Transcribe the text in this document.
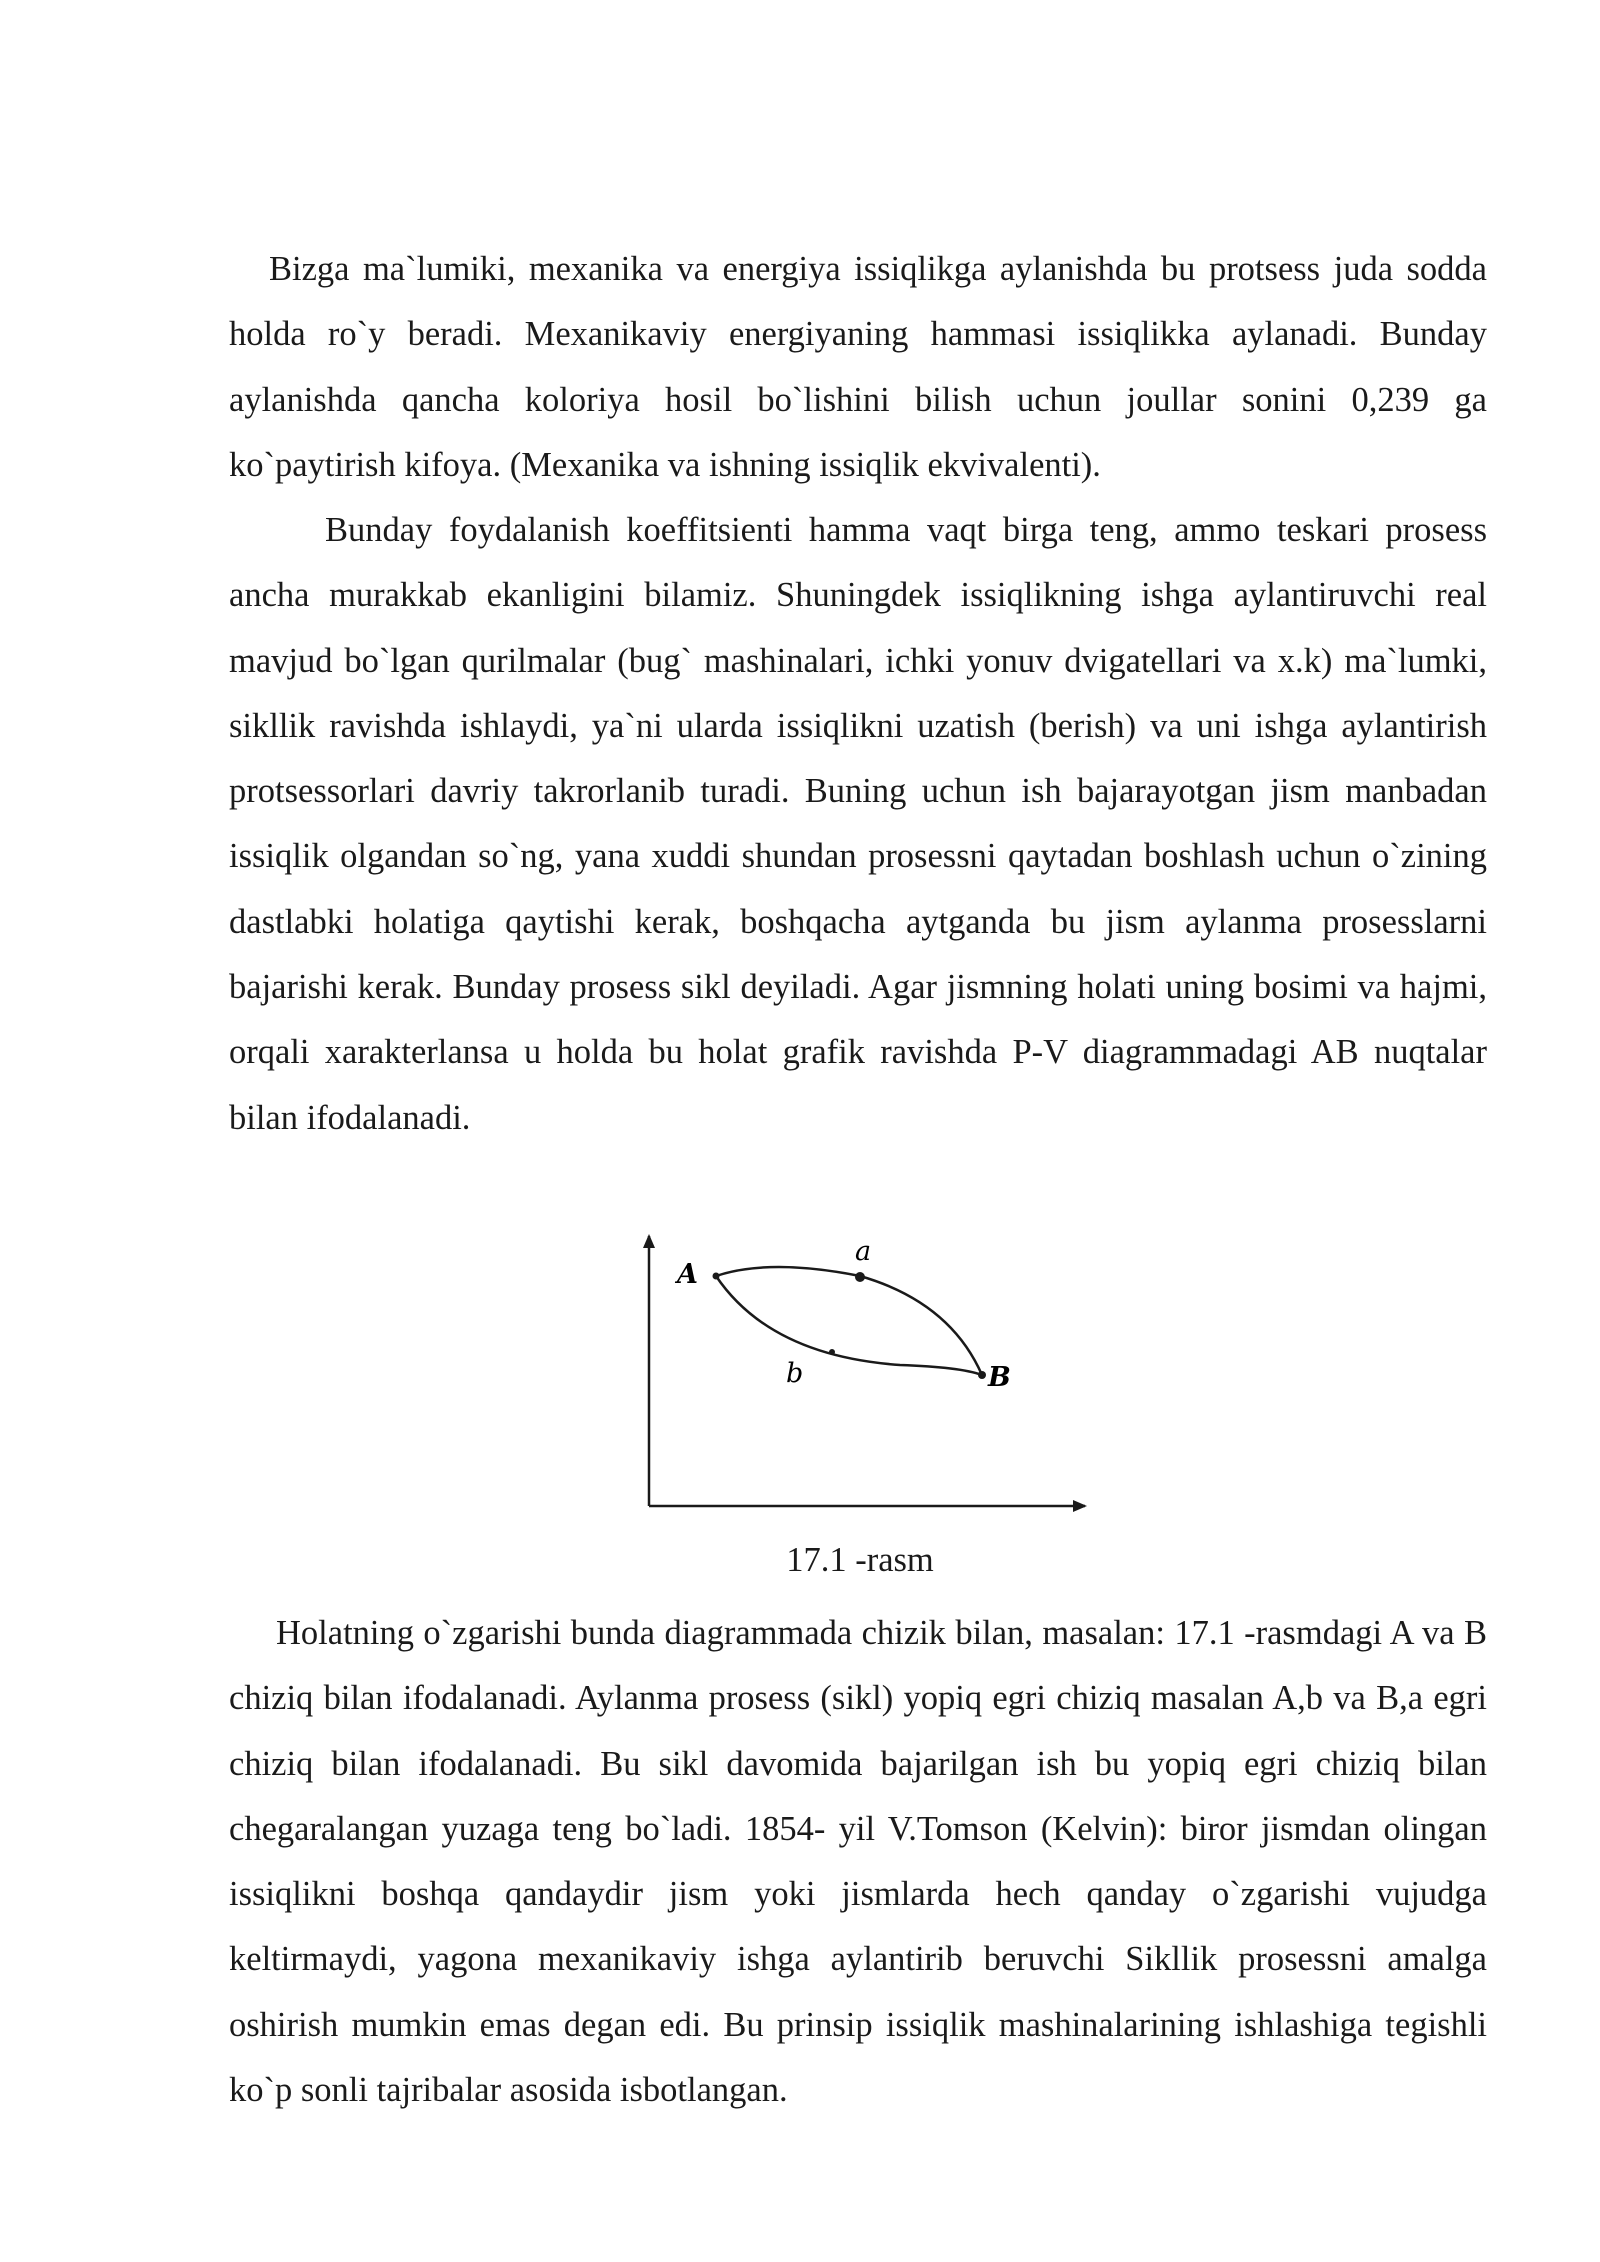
Bizga ma`lumiki, mexanika va energiya issiqlikga aylanishda bu protsess juda sodda holda ro`y beradi. Mexanikaviy energiyaning hammasi issiqlikka aylanadi. Bunday aylanishda qancha koloriya hosil bo`lishini bilish uchun joullar sonini 0,239 ga ko`paytirish kifoya. (Mexanika va ishning issiqlik ekvivalenti).

Bunday foydalanish koeffitsienti hamma vaqt birga teng, ammo teskari prosess ancha murakkab ekanligini bilamiz. Shuningdek issiqlikning ishga aylantiruvchi real mavjud bo`lgan qurilmalar (bug` mashinalari, ichki yonuv dvigatellari va x.k) ma`lumki, sikllik ravishda ishlaydi, ya`ni ularda issiqlikni uzatish (berish) va uni ishga aylantirish protsessorlari davriy takrorlanib turadi. Buning uchun ish bajarayotgan jism manbadan issiqlik olgandan so`ng, yana xuddi shundan prosessni qaytadan boshlash uchun o`zining dastlabki holatiga qaytishi kerak, boshqacha aytganda bu jism aylanma prosesslarni bajarishi kerak. Bunday prosess sikl deyiladi. Agar jismning holati uning bosimi va hajmi, orqali xarakterlansa u holda bu holat grafik ravishda P-V diagrammadagi AB nuqtalar bilan ifodalanadi.

A
a
b	B
17.1 -rasm

Holatning o`zgarishi bunda diagrammada chizik bilan, masalan: 17.1 -rasmdagi A va B chiziq bilan ifodalanadi. Aylanma prosess (sikl) yopiq egri chiziq masalan A,b va B,a egri chiziq bilan ifodalanadi. Bu sikl davomida bajarilgan ish bu yopiq egri chiziq bilan chegaralangan yuzaga teng bo`ladi. 1854- yil V.Tomson (Kelvin): biror jismdan olingan issiqlikni boshqa qandaydir jism yoki jismlarda hech qanday o`zgarishi vujudga keltirmaydi, yagona mexanikaviy ishga aylantirib beruvchi Sikllik prosessni amalga oshirish mumkin emas degan edi. Bu prinsip issiqlik mashinalarining ishlashiga tegishli ko`p sonli tajribalar asosida isbotlangan.
